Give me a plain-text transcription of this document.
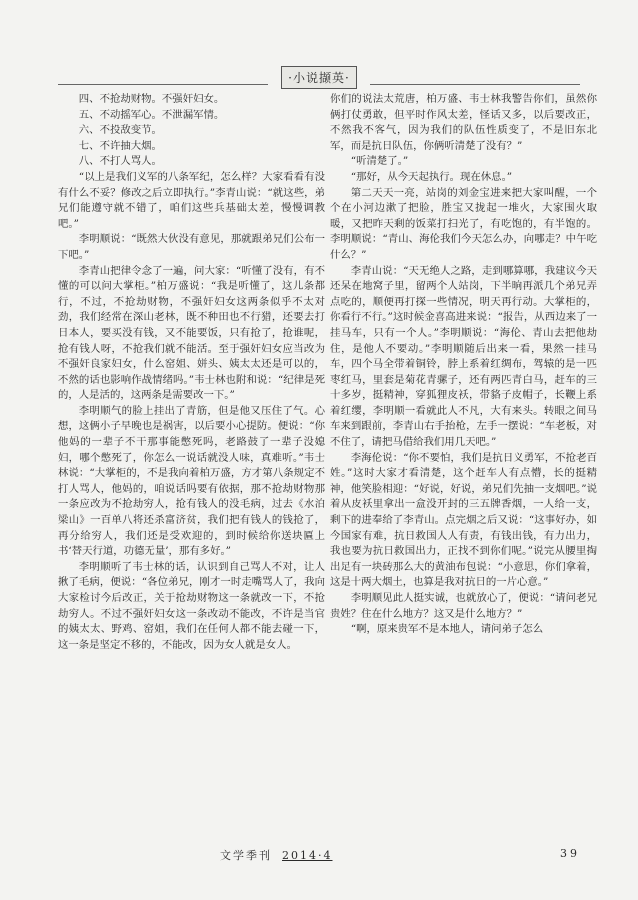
·小说撷英·

四、不抢劫财物。不强奸妇女。

五、不动摇军心。不泄漏军情。

六、不投敌变节。

七、不许抽大烟。

八、不打人骂人。

“以上是我们义军的八条军纪，怎么样？大家看看有没有什么不妥？修改之后立即执行。”李青山说：“就这些，弟兄们能遵守就不错了，咱们这些兵基础太差，慢慢调教吧。”

李明顺说：“既然大伙没有意见，那就跟弟兄们公布一下吧。”

李青山把律令念了一遍，问大家：“听懂了没有，有不懂的可以问大掌柜。”柏万盛说：“我是听懂了，这儿条都行，不过，不抢劫财物，不强奸妇女这两条似乎不太对劲，我们经常在深山老林，既不种田也不行猎，还要去打日本人，要买没有钱，又不能要饭，只有抢了，抢谁呢，抢有钱人呀，不抢我们就不能活。至于强奸妇女应当改为不强奸良家妇女，什么窑姐、姘头、姨太太还是可以的，不然的话也影响作战情绪吗。”韦士林也附和说：“纪律是死的，人是活的，这两条是需要改一下。”

李明顺气的脸上挂出了青筋，但是他又压住了气。心想，这俩小子早晚也是祸害，以后要小心提防。便说：“你他妈的一辈子不干那事能憋死吗，老路鼓了一辈子没媳妇，哪个憋死了，你怎么一说话就没人味，真难听。”韦士林说：“大掌柜的，不是我向着柏万盛，方才第八条规定不打人骂人，他妈的，咱说话吗要有依据，那不抢劫财物那一条应改为不抢劫穷人，抢有钱人的没毛病，过去《水泊梁山》一百单八将还杀富济贫，我们把有钱人的钱抢了，再分给穷人，我们还是受欢迎的，到时候给你送块匾上书‘替天行道，功德无量’，那有多好。”

李明顺听了韦士林的话，认识到自己骂人不对，让人揪了毛病，便说：“各位弟兄，刚才一时走嘴骂人了，我向大家检讨今后改正，关于抢劫财物这一条就改一下，不抢劫穷人。不过不强奸妇女这一条改动不能改，不许是当官的姨太太、野鸡、窑姐，我们在任何人都不能去碰一下，这一条是坚定不移的，不能改，因为女人就是女人。

你们的说法太荒唐，柏万盛、韦士林我警告你们，虽然你俩打仗勇敢，但平时作风太差，怪话又多，以后要改正，不然我不客气，因为我们的队伍性质变了，不是旧东北军，而是抗日队伍，你俩听清楚了没有？”

“听清楚了。”

“那好，从今天起执行。现在休息。”

第二天天一亮，站岗的刘金宝进来把大家叫醒，一个个在小河边漱了把脸，胜宝又拢起一堆火，大家围火取暖，又把昨天剩的饭菜打扫光了，有吃饱的，有半饱的。李明顺说：“青山、海伦我们今天怎么办，向哪走？中午吃什么？”

李青山说：“天无绝人之路，走到哪算哪，我建议今天还呆在地窝子里，留两个人站岗，下半晌再派几个弟兄弄点吃的，顺便再打探一些情况，明天再行动。大掌柜的，你看行不行。”这时候金喜高进来说：“报告，从西边来了一挂马车，只有一个人。”李明顺说：“海伦、青山去把他劫住，是他人不要动。”李明顺随后出来一看，果然一挂马车，四个马全带着铜铃，脖上系着红绸布，驾辕的是一匹枣红马，里套是菊花青骡子，还有两匹青白马，赶车的三十多岁，挺精神，穿狐狸皮袄，带貉子皮帽子，长鞭上系着红缨，李明顺一看就此人不凡，大有来头。转眼之间马车来到跟前，李青山右手抬枪，左手一摆说：“车老板，对不住了，请把马借给我们用几天吧。”

李海伦说：“你不要怕，我们是抗日义勇军，不抢老百姓。”这时大家才看清楚，这个赶车人有点懵，长的挺精神，他笑脸相迎：“好说，好说，弟兄们先抽一支烟吧。”说着从皮袄里拿出一盒没开封的三五牌香烟，一人给一支，剩下的进奉给了李青山。点完烟之后又说：“这事好办，如今国家有难，抗日救国人人有责，有钱出钱，有力出力，我也要为抗日救国出力，正找不到你们呢。”说完从腰里掏出足有一块砖那么大的黄油布包说：“小意思，你们拿着，这是十两大烟土，也算是我对抗日的一片心意。”

李明顺见此人挺实诚，也就放心了，便说：“请问老兄贵姓？住在什么地方？这又是什么地方？”

“啊，原来贵军不是本地人，请问弟子怎么

文学季刊 2014·4	39
